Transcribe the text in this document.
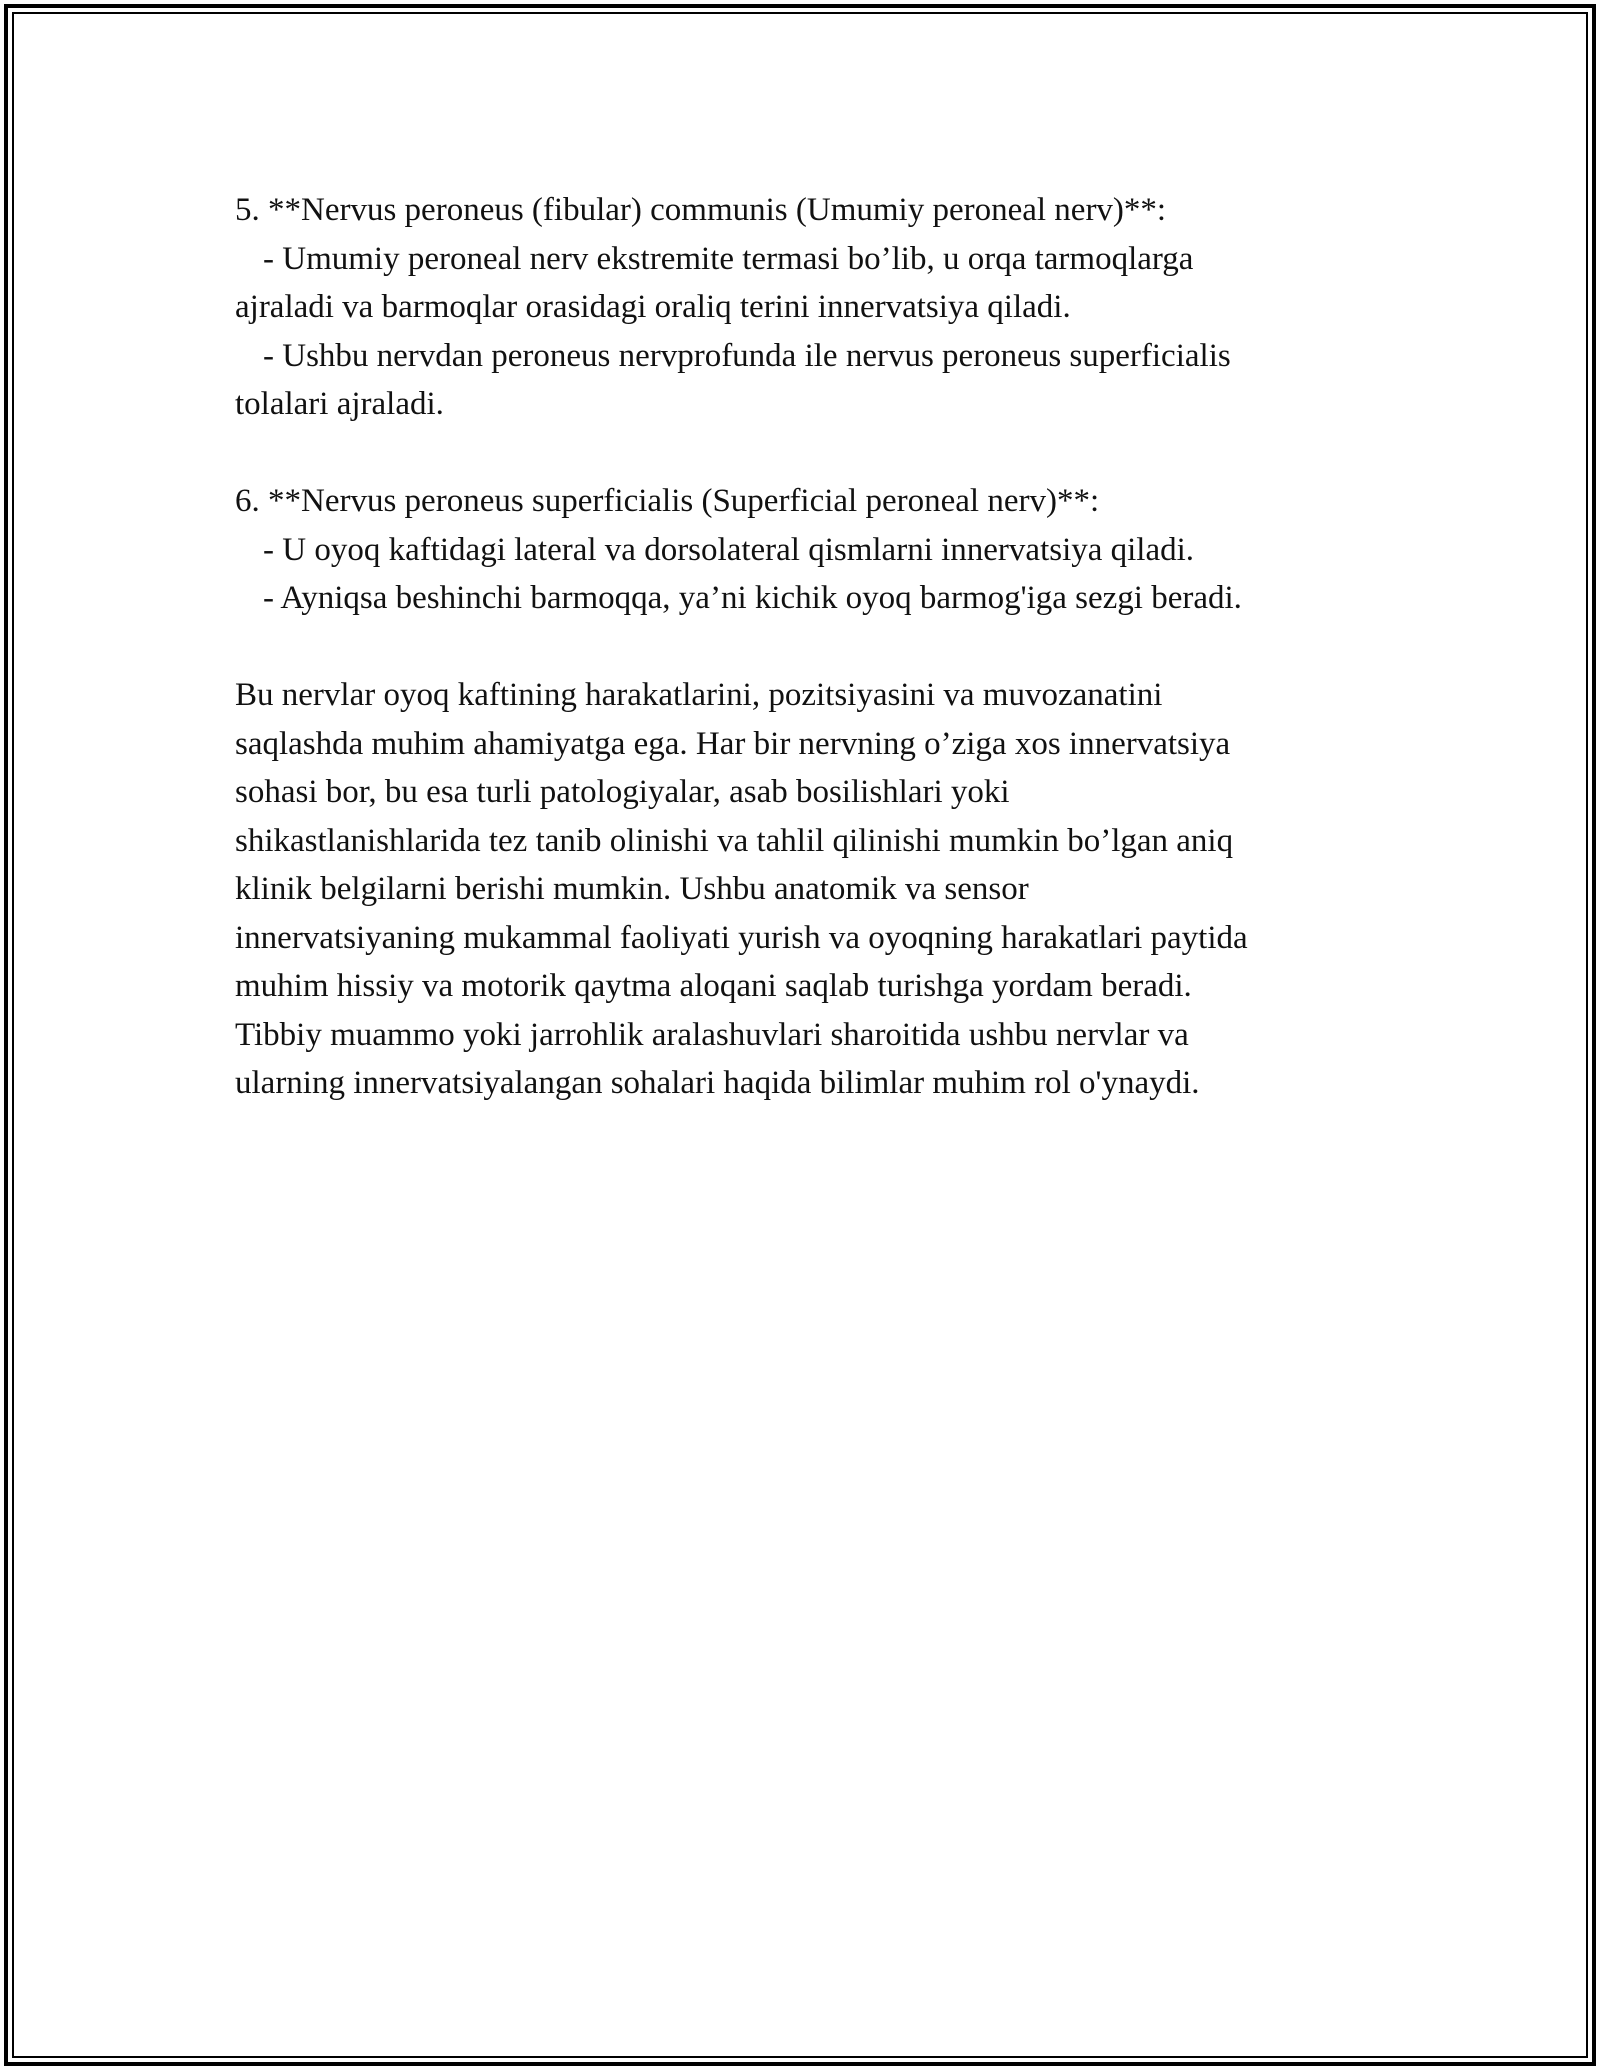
5. **Nervus peroneus (fibular) communis (Umumiy peroneal nerv)**:

- Umumiy peroneal nerv ekstremite termasi bo’lib, u orqa tarmoqlarga

ajraladi va barmoqlar orasidagi oraliq terini innervatsiya qiladi.

- Ushbu nervdan peroneus nervprofunda ile nervus peroneus superficialis

tolalari ajraladi.

6. **Nervus peroneus superficialis (Superficial peroneal nerv)**:

- U oyoq kaftidagi lateral va dorsolateral qismlarni innervatsiya qiladi.

- Ayniqsa beshinchi barmoqqa, ya’ni kichik oyoq barmog'iga sezgi beradi.

Bu nervlar oyoq kaftining harakatlarini, pozitsiyasini va muvozanatini

saqlashda muhim ahamiyatga ega. Har bir nervning o’ziga xos innervatsiya

sohasi bor, bu esa turli patologiyalar, asab bosilishlari yoki

shikastlanishlarida tez tanib olinishi va tahlil qilinishi mumkin bo’lgan aniq

klinik belgilarni berishi mumkin. Ushbu anatomik va sensor

innervatsiyaning mukammal faoliyati yurish va oyoqning harakatlari paytida

muhim hissiy va motorik qaytma aloqani saqlab turishga yordam beradi.

Tibbiy muammo yoki jarrohlik aralashuvlari sharoitida ushbu nervlar va

ularning innervatsiyalangan sohalari haqida bilimlar muhim rol o'ynaydi.
